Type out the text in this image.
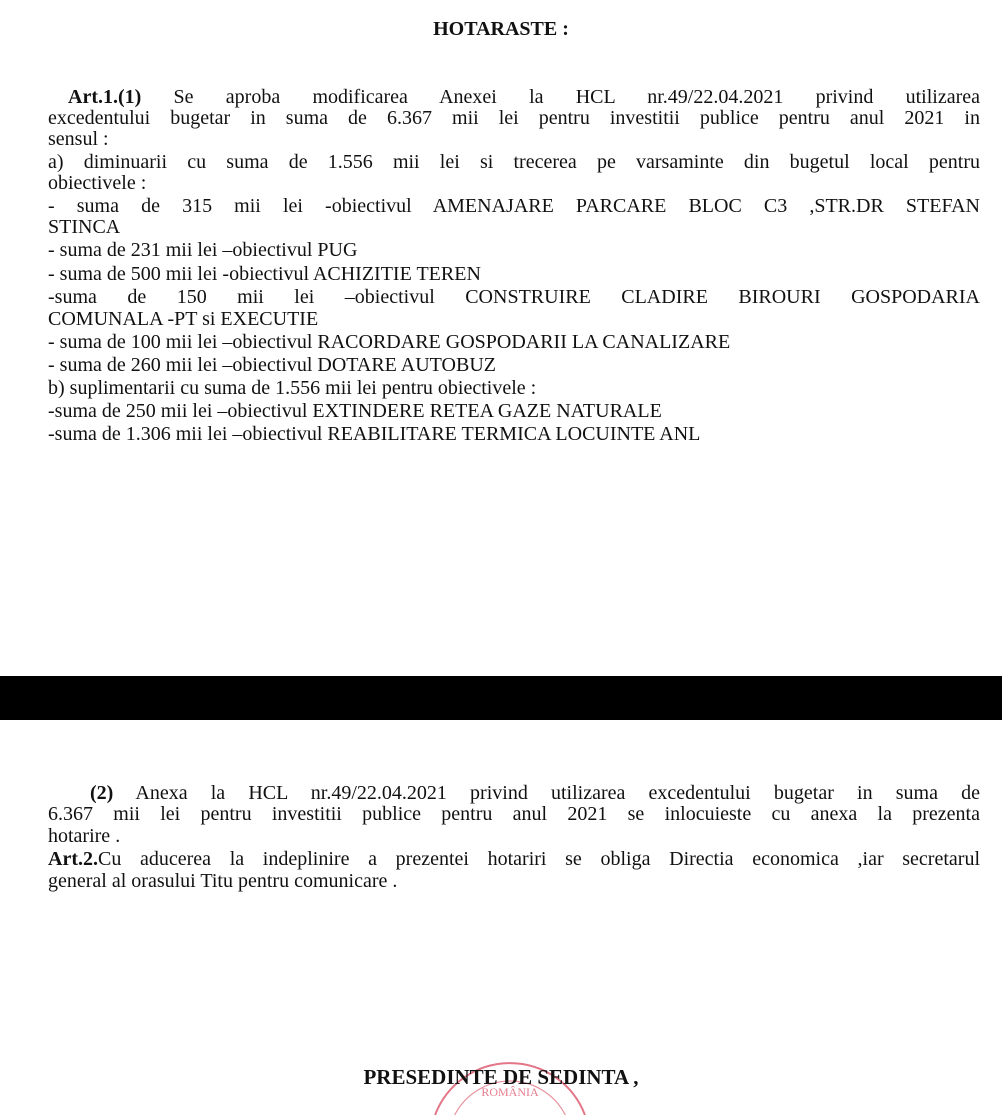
HOTARASTE :
Art.1.(1) Se aproba modificarea Anexei la HCL nr.49/22.04.2021 privind utilizarea
excedentului bugetar in suma de 6.367 mii lei pentru investitii publice pentru anul 2021 in
sensul :
a) diminuarii cu suma de 1.556 mii lei si trecerea pe varsaminte din bugetul local pentru
obiectivele :
- suma de 315 mii lei -obiectivul AMENAJARE PARCARE BLOC C3 ,STR.DR STEFAN
STINCA
- suma de 231 mii lei –obiectivul PUG
- suma de 500 mii lei -obiectivul ACHIZITIE TEREN
-suma de 150 mii lei –obiectivul CONSTRUIRE CLADIRE BIROURI GOSPODARIA
COMUNALA -PT si EXECUTIE
- suma de 100 mii lei –obiectivul RACORDARE GOSPODARII LA CANALIZARE
- suma de 260 mii lei –obiectivul DOTARE AUTOBUZ
b) suplimentarii cu suma de 1.556 mii lei pentru obiectivele :
-suma de 250 mii lei –obiectivul EXTINDERE RETEA GAZE NATURALE
-suma de 1.306 mii lei –obiectivul REABILITARE TERMICA LOCUINTE ANL
(2) Anexa la HCL nr.49/22.04.2021 privind utilizarea excedentului bugetar in suma de
6.367 mii lei pentru investitii publice pentru anul 2021 se inlocuieste cu anexa la prezenta
hotarire .
Art.2.Cu aducerea la indeplinire a prezentei hotariri se obliga Directia economica ,iar secretarul
general al orasului Titu pentru comunicare .
ROMÂNIA
PRESEDINTE DE SEDINTA ,
